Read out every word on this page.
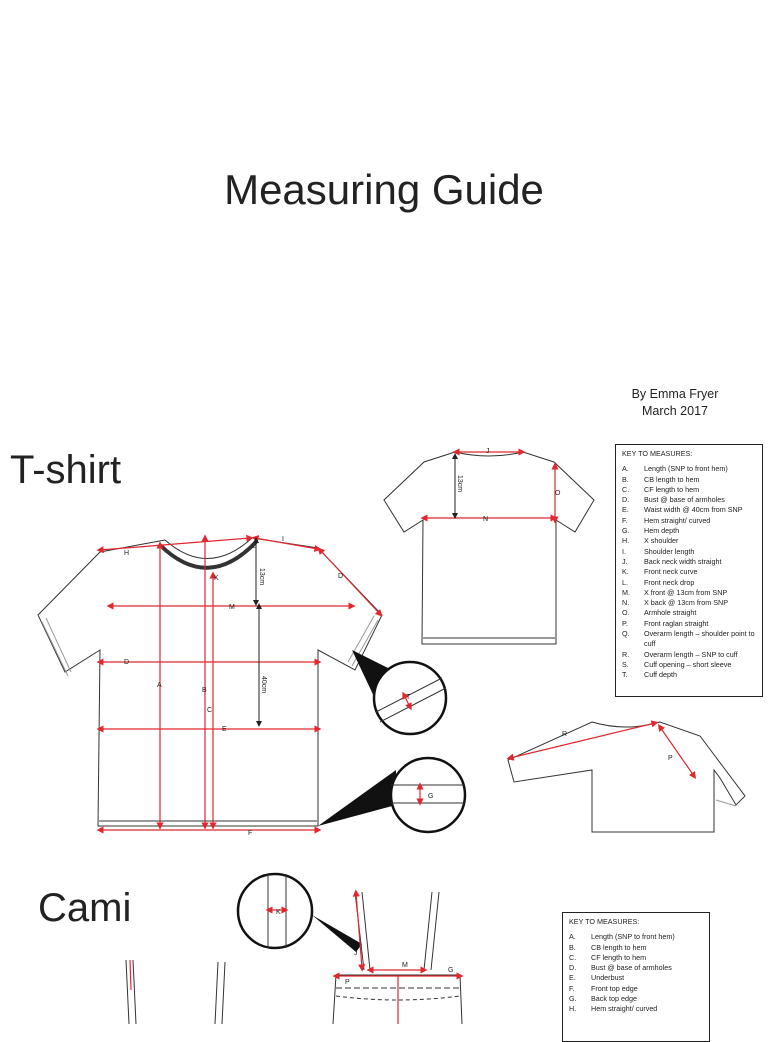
Measuring Guide
By Emma Fryer
March 2017
T-shirt
Cami
KEY TO MEASURES:
A.	Length (SNP to front hem)
B.	CB length to hem
C.	CF length to hem
D.	Bust @ base of armholes
E.	Waist width @ 40cm from SNP
F.	Hem straight/ curved
G.	Hem depth
H.	X shoulder
I.	Shoulder length
J.	Back neck width straight
K.	Front neck curve
L.	Front neck drop
M.	X front @ 13cm from SNP
N.	X back @ 13cm from SNP
O.	Armhole straight
P.	Front raglan straight
Q.	Overarm length – shoulder point to cuff
R.	Overarm length – SNP to cuff
S.	Cuff opening – short sleeve
T.	Cuff depth
KEY TO MEASURES:
A.	Length (SNP to front hem)
B.	CB length to hem
C.	CF length to hem
D.	Bust @ base of armholes
E.	Underbust
F.	Front top edge
G.	Back top edge
H.	Hem straight/ curved
H
I
D
M
D
A
B
C
E
F
K
L
13cm
40cm
T
G
J
N
O
13cm
R
P
K
J
M
G
P
